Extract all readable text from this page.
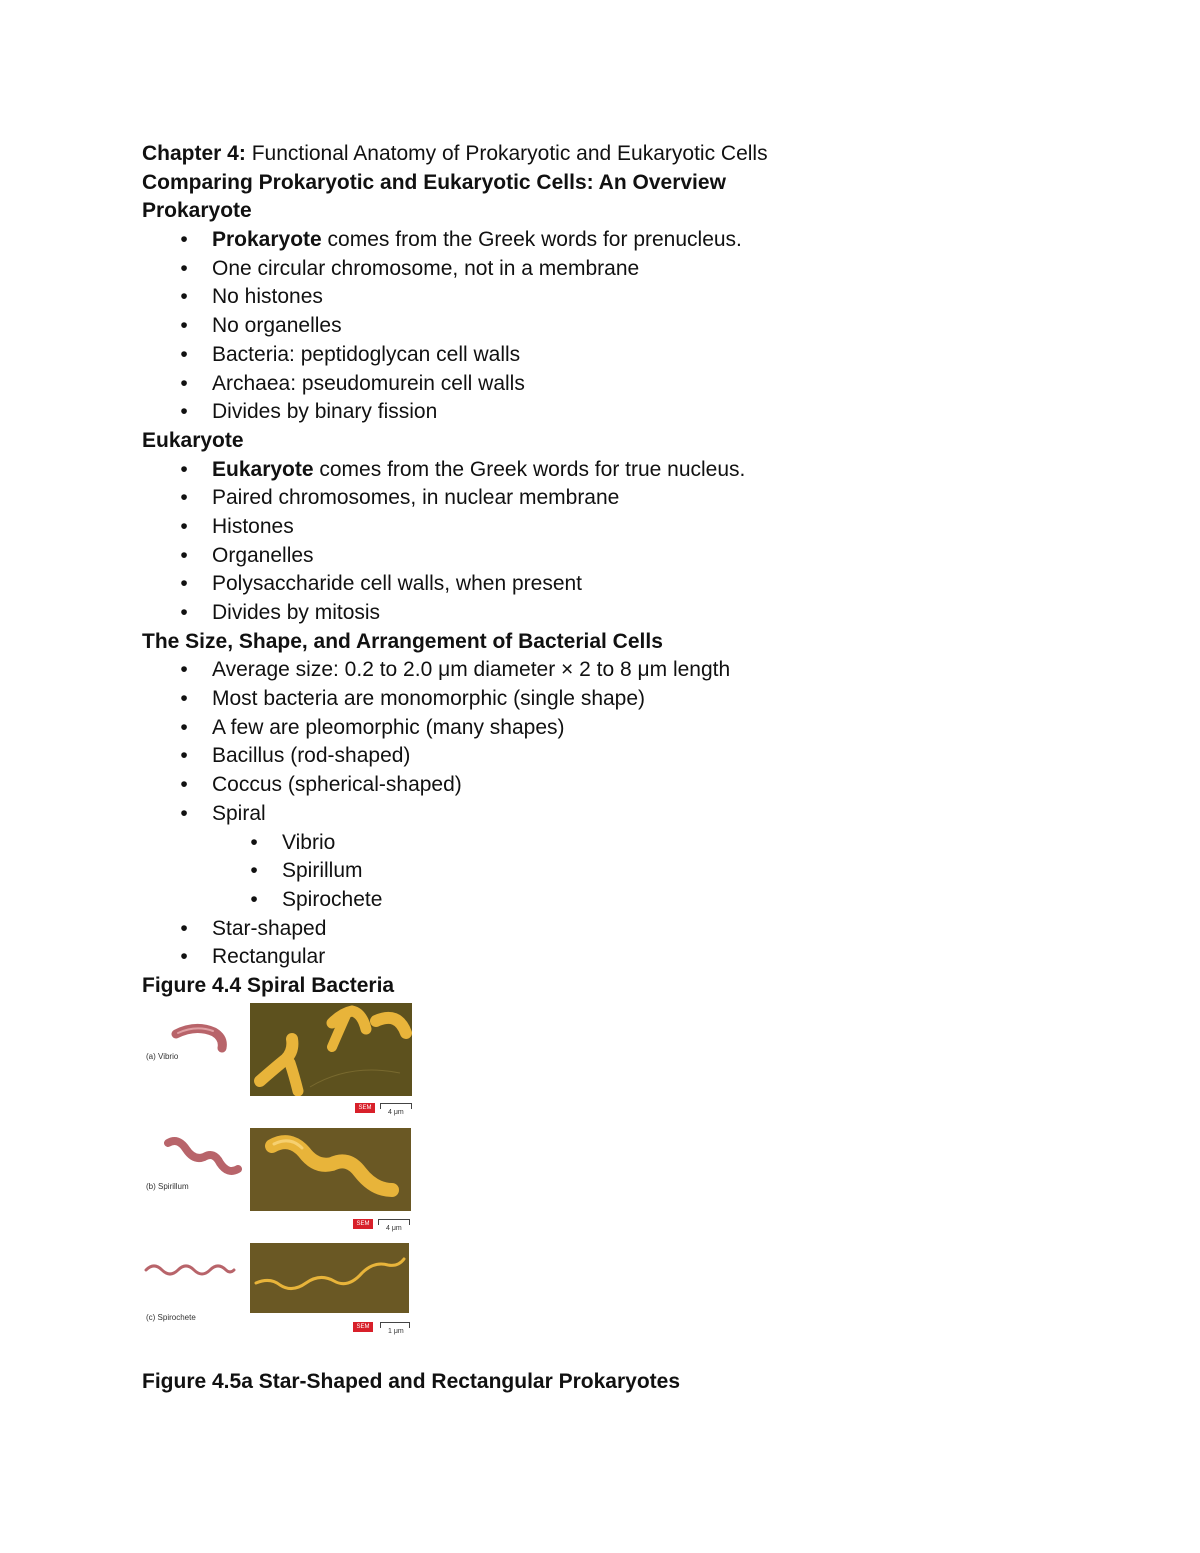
Chapter 4: Functional Anatomy of Prokaryotic and Eukaryotic Cells
Comparing Prokaryotic and Eukaryotic Cells: An Overview
Prokaryote
• Prokaryote comes from the Greek words for prenucleus.
• One circular chromosome, not in a membrane
• No histones
• No organelles
• Bacteria: peptidoglycan cell walls
• Archaea: pseudomurein cell walls
• Divides by binary fission
Eukaryote
• Eukaryote comes from the Greek words for true nucleus.
• Paired chromosomes, in nuclear membrane
• Histones
• Organelles
• Polysaccharide cell walls, when present
• Divides by mitosis
The Size, Shape, and Arrangement of Bacterial Cells
• Average size: 0.2 to 2.0 μm diameter × 2 to 8 μm length
• Most bacteria are monomorphic (single shape)
• A few are pleomorphic (many shapes)
• Bacillus (rod-shaped)
• Coccus (spherical-shaped)
• Spiral
• Vibrio
• Spirillum
• Spirochete
• Star-shaped
• Rectangular
Figure 4.4 Spiral Bacteria
(a) Vibrio
SEM
4 μm
(b) Spirillum
SEM
4 μm
(c) Spirochete
SEM
1 μm
Figure 4.5a Star-Shaped and Rectangular Prokaryotes
